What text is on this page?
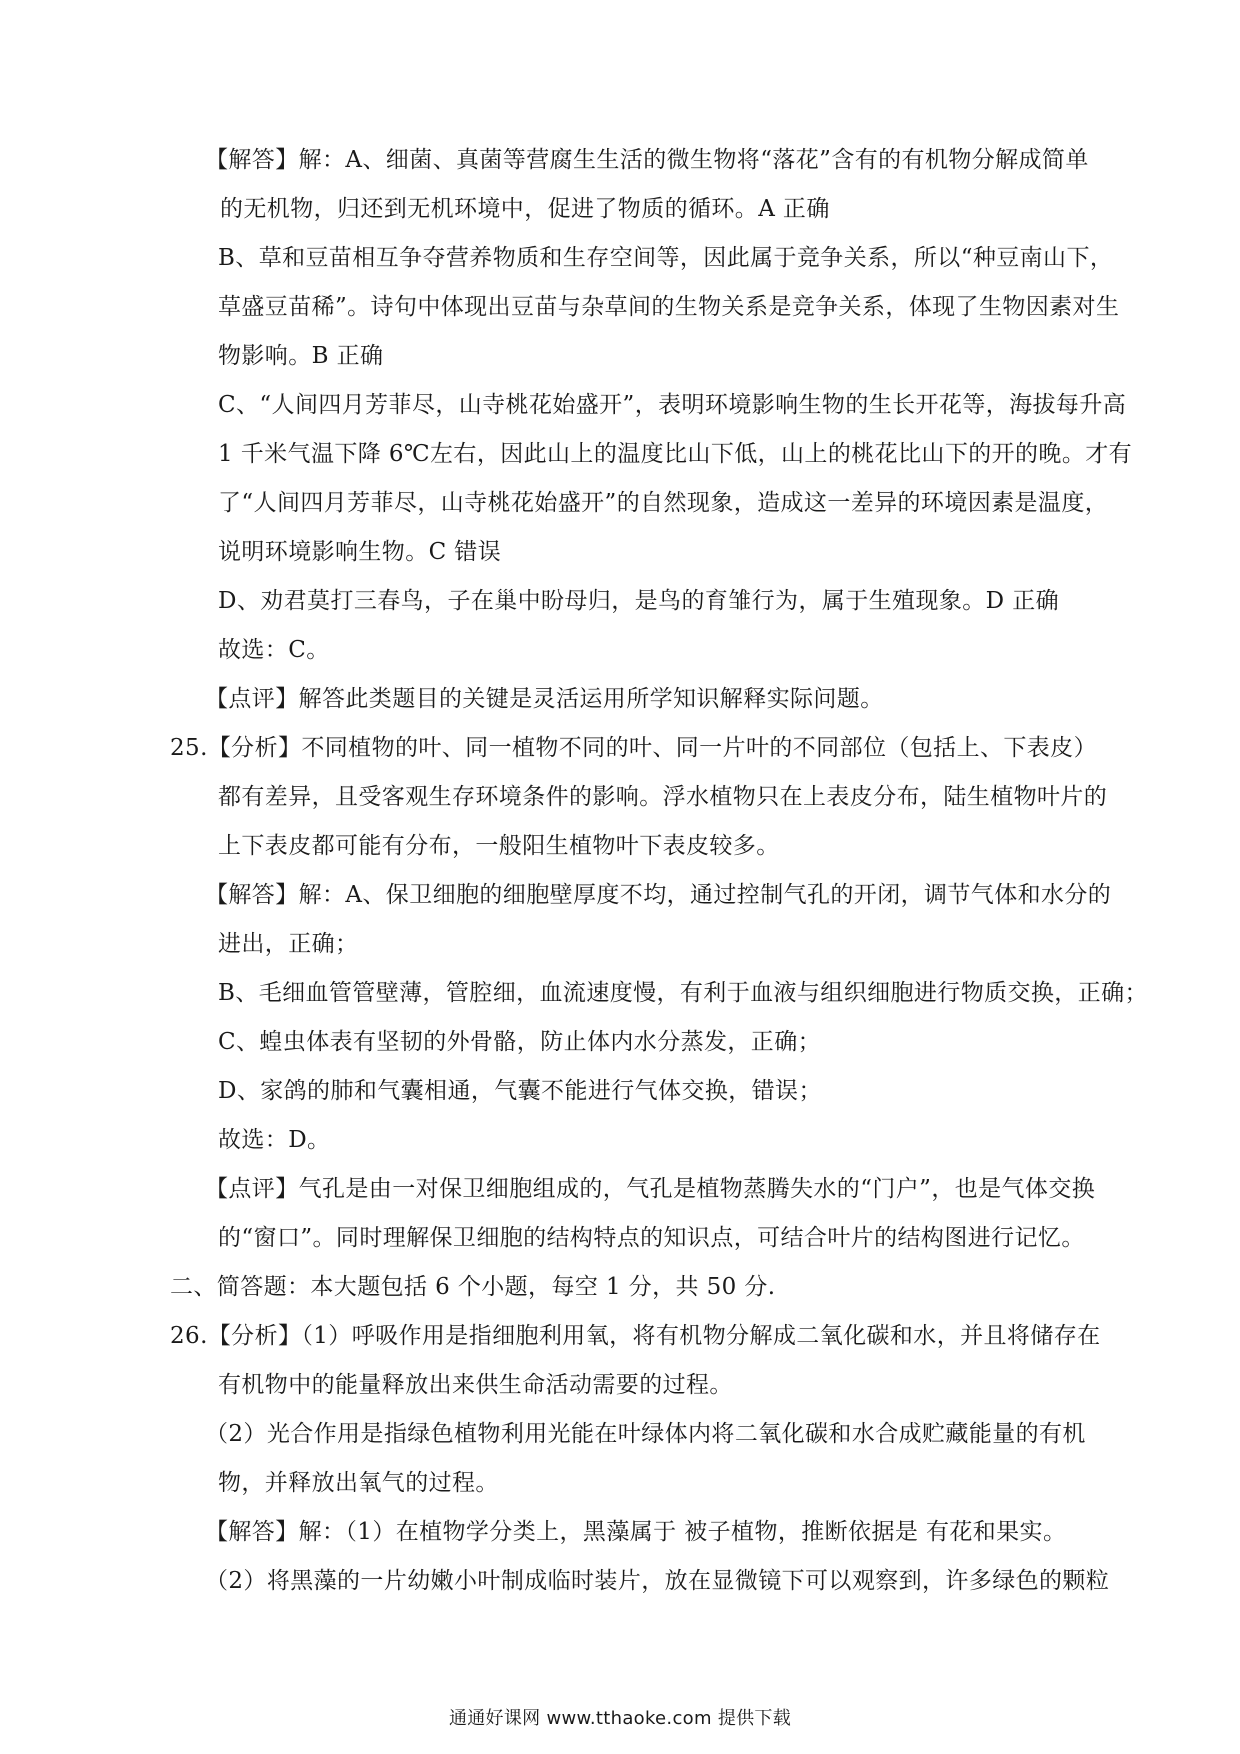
【解答】解：A、细菌、真菌等营腐生生活的微生物将“落花”含有的有机物分解成简单
的无机物，归还到无机环境中，促进了物质的循环。A 正确
B、草和豆苗相互争夺营养物质和生存空间等，因此属于竞争关系，所以“种豆南山下，
草盛豆苗稀”。诗句中体现出豆苗与杂草间的生物关系是竞争关系，体现了生物因素对生
物影响。B 正确
C、“人间四月芳菲尽，山寺桃花始盛开”，表明环境影响生物的生长开花等，海拔每升高
1 千米气温下降 6℃左右，因此山上的温度比山下低，山上的桃花比山下的开的晚。才有
了“人间四月芳菲尽，山寺桃花始盛开”的自然现象，造成这一差异的环境因素是温度，
说明环境影响生物。C 错误
D、劝君莫打三春鸟，子在巢中盼母归，是鸟的育雏行为，属于生殖现象。D 正确
故选：C。
【点评】解答此类题目的关键是灵活运用所学知识解释实际问题。
25.【分析】不同植物的叶、同一植物不同的叶、同一片叶的不同部位（包括上、下表皮）
都有差异，且受客观生存环境条件的影响。浮水植物只在上表皮分布，陆生植物叶片的
上下表皮都可能有分布，一般阳生植物叶下表皮较多。
【解答】解：A、保卫细胞的细胞壁厚度不均，通过控制气孔的开闭，调节气体和水分的
进出，正确；
B、毛细血管管壁薄，管腔细，血流速度慢，有利于血液与组织细胞进行物质交换，正确；
C、蝗虫体表有坚韧的外骨骼，防止体内水分蒸发，正确；
D、家鸽的肺和气囊相通，气囊不能进行气体交换，错误；
故选：D。
【点评】气孔是由一对保卫细胞组成的，气孔是植物蒸腾失水的“门户”，也是气体交换
的“窗口”。同时理解保卫细胞的结构特点的知识点，可结合叶片的结构图进行记忆。
二、简答题：本大题包括 6 个小题，每空 1 分，共 50 分.
26.【分析】（1）呼吸作用是指细胞利用氧，将有机物分解成二氧化碳和水，并且将储存在
有机物中的能量释放出来供生命活动需要的过程。
（2）光合作用是指绿色植物利用光能在叶绿体内将二氧化碳和水合成贮藏能量的有机
物，并释放出氧气的过程。
【解答】解：（1）在植物学分类上，黑藻属于 被子植物，推断依据是 有花和果实。
（2）将黑藻的一片幼嫩小叶制成临时装片，放在显微镜下可以观察到，许多绿色的颗粒
通通好课网 www.tthaoke.com 提供下载
